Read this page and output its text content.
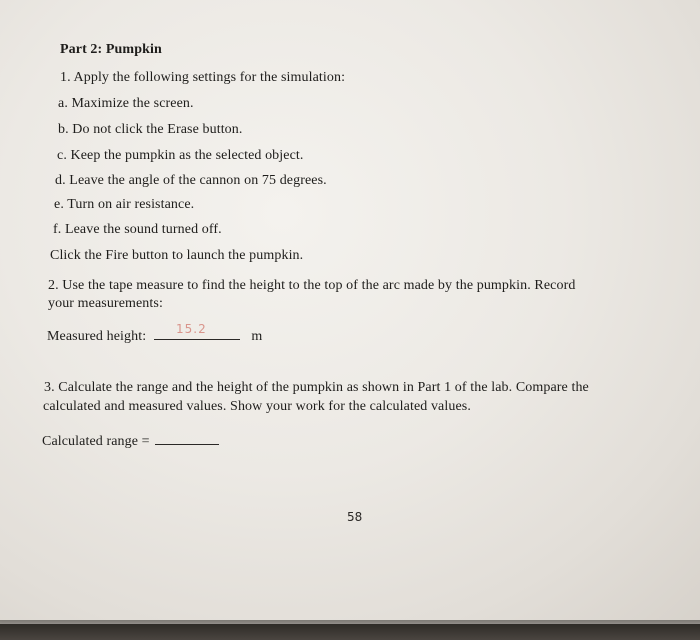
Part 2: Pumpkin
1. Apply the following settings for the simulation:
a. Maximize the screen.
b. Do not click the Erase button.
c. Keep the pumpkin as the selected object.
d. Leave the angle of the cannon on 75 degrees.
e. Turn on air resistance.
f. Leave the sound turned off.
Click the Fire button to launch the pumpkin.
2. Use the tape measure to find the height to the top of the arc made by the pumpkin. Record
your measurements:
Measured height:	m
15.2
3. Calculate the range and the height of the pumpkin as shown in Part 1 of the lab. Compare the
calculated and measured values. Show your work for the calculated values.
Calculated range =
58
